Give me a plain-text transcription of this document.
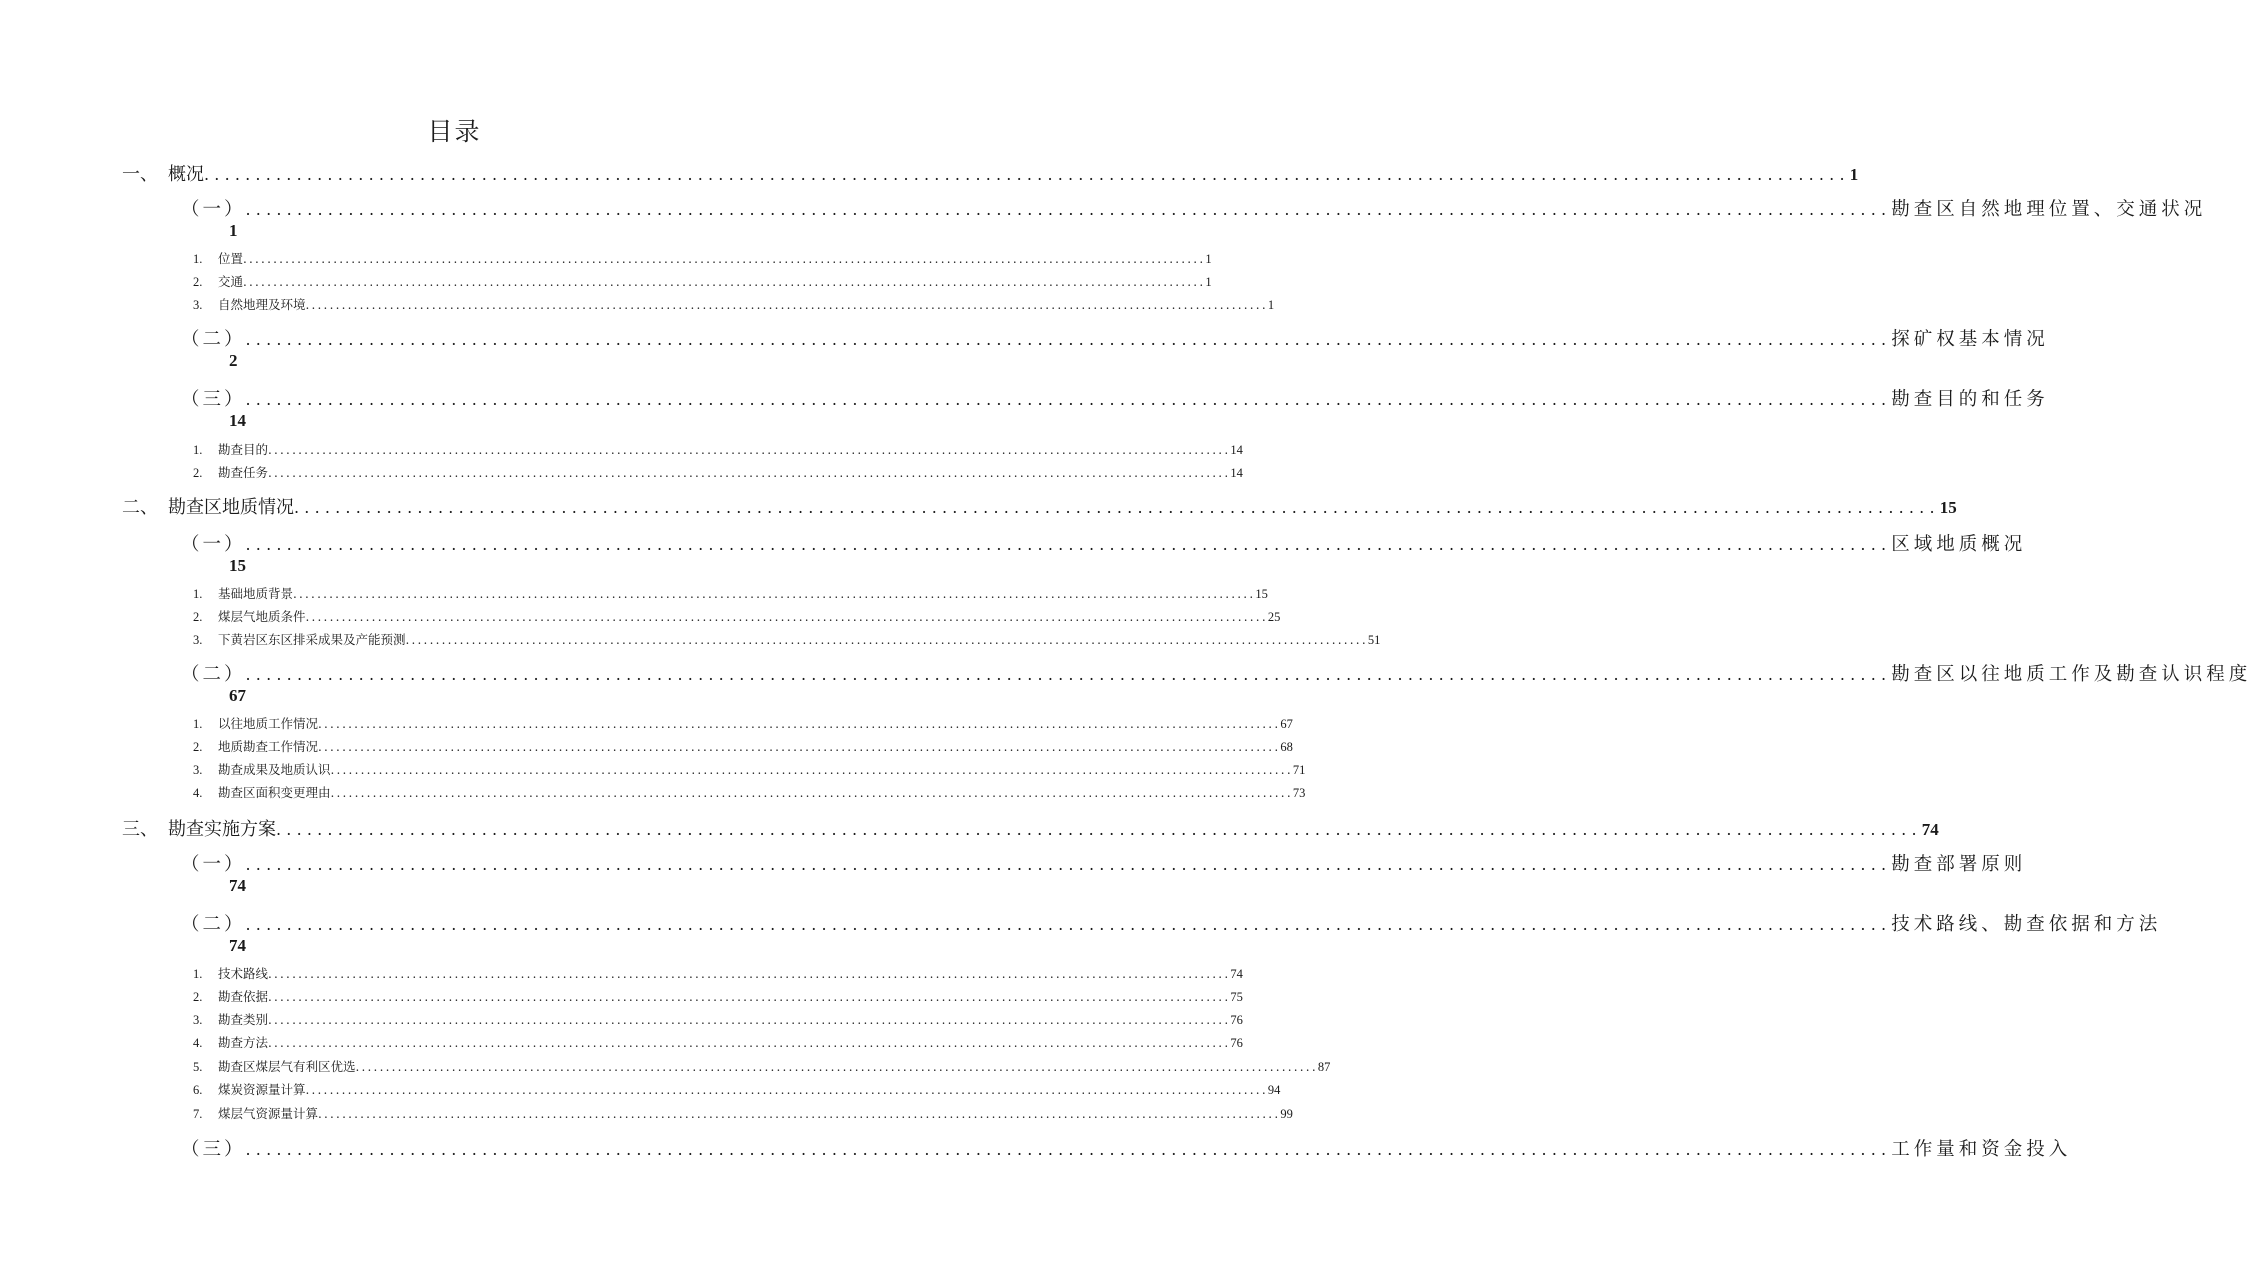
目录
一、 概况 ................................................................................................................................................................ 1
（一） ................................................................................................................................................................ 勘查区自然地理位置、交通状况
1
1.	位置 ................................................................................................................................................................ 1
2.	交通 ................................................................................................................................................................ 1
3.	自然地理及环境 ................................................................................................................................................................ 1
（二） ................................................................................................................................................................ 探矿权基本情况
2
（三） ................................................................................................................................................................ 勘查目的和任务
14
1.	勘查目的 ................................................................................................................................................................ 14
2.	勘查任务 ................................................................................................................................................................ 14
二、 勘查区地质情况 ................................................................................................................................................................ 15
（一） ................................................................................................................................................................ 区域地质概况
15
1.	基础地质背景 ................................................................................................................................................................ 15
2.	煤层气地质条件 ................................................................................................................................................................ 25
3.	下黄岩区东区排采成果及产能预测 ................................................................................................................................................................ 51
（二） ................................................................................................................................................................ 勘查区以往地质工作及勘查认识程度
67
1.	以往地质工作情况 ................................................................................................................................................................ 67
2.	地质勘查工作情况 ................................................................................................................................................................ 68
3.	勘查成果及地质认识 ................................................................................................................................................................ 71
4.	勘查区面积变更理由 ................................................................................................................................................................ 73
三、 勘查实施方案 ................................................................................................................................................................ 74
（一） ................................................................................................................................................................ 勘查部署原则
74
（二） ................................................................................................................................................................ 技术路线、勘查依据和方法
74
1.	技术路线 ................................................................................................................................................................ 74
2.	勘查依据 ................................................................................................................................................................ 75
3.	勘查类别 ................................................................................................................................................................ 76
4.	勘查方法 ................................................................................................................................................................ 76
5.	勘查区煤层气有利区优选 ................................................................................................................................................................ 87
6.	煤炭资源量计算 ................................................................................................................................................................ 94
7.	煤层气资源量计算 ................................................................................................................................................................ 99
（三） ................................................................................................................................................................ 工作量和资金投入
